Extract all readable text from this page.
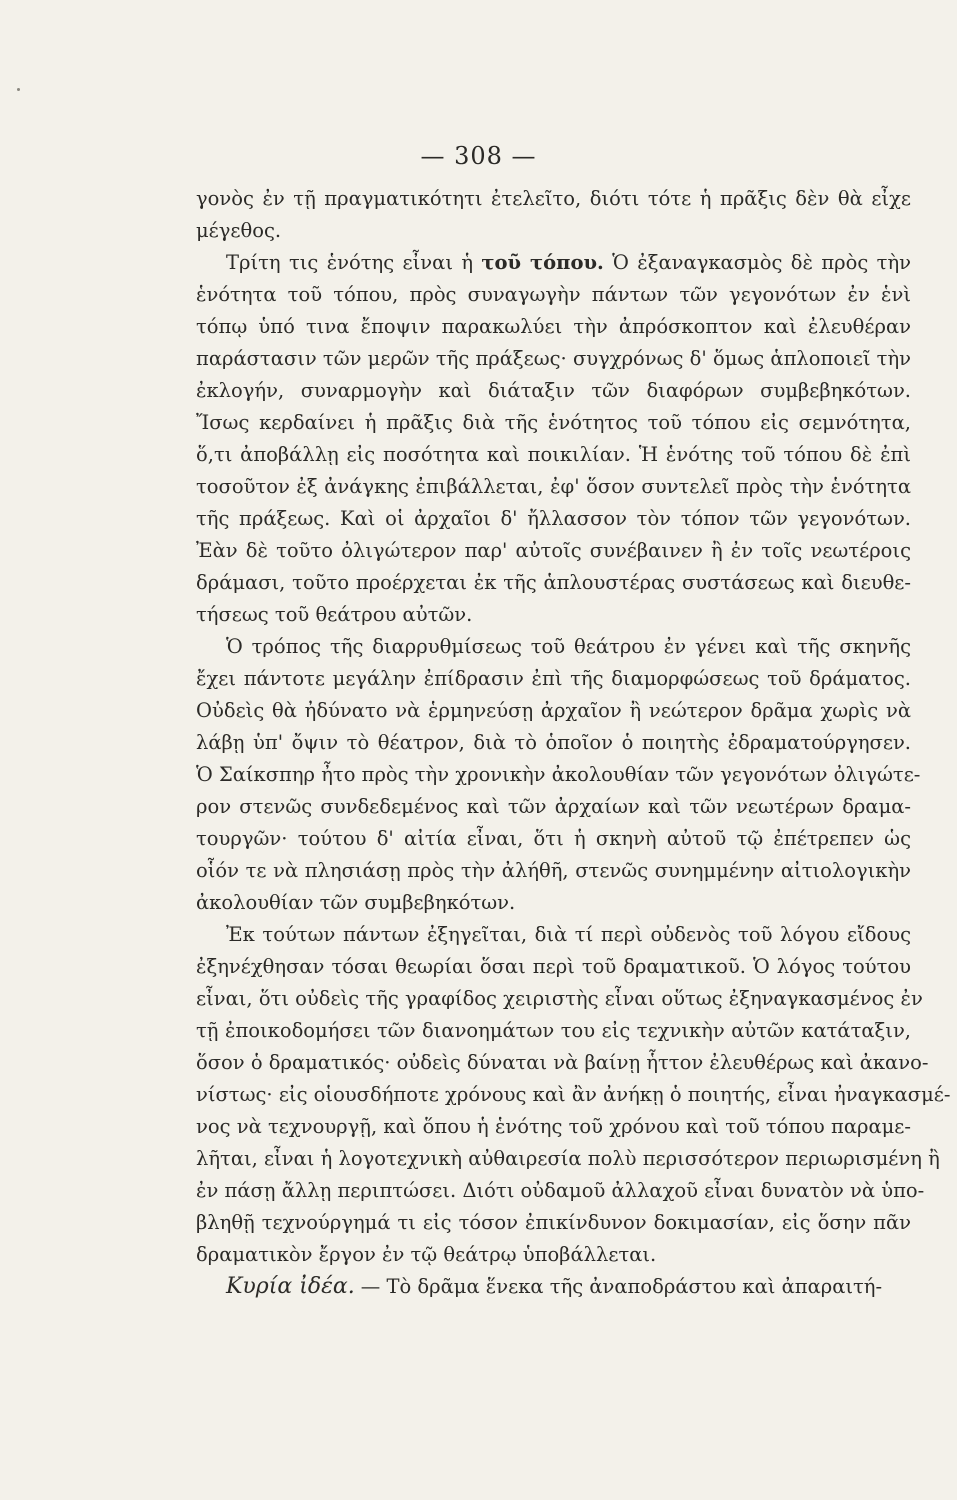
— 308 —
γονὸς ἐν τῇ πραγματικότητι ἐτελεῖτο, διότι τότε ἡ πρᾶξις δὲν θὰ εἶχε
μέγεθος.
Τρίτη τις ἑνότης εἶναι ἡ τοῦ τόπου. Ὁ ἐξαναγκασμὸς δὲ πρὸς τὴν
ἑνότητα τοῦ τόπου, πρὸς συναγωγὴν πάντων τῶν γεγονότων ἐν ἑνὶ
τόπῳ ὑπό τινα ἔποψιν παρακωλύει τὴν ἀπρόσκοπτον καὶ ἐλευθέραν
παράστασιν τῶν μερῶν τῆς πράξεως· συγχρόνως δ' ὅμως ἁπλοποιεῖ τὴν
ἐκλογήν, συναρμογὴν καὶ διάταξιν τῶν διαφόρων συμβεβηκότων.
Ἴσως κερδαίνει ἡ πρᾶξις διὰ τῆς ἑνότητος τοῦ τόπου εἰς σεμνότητα,
ὅ,τι ἀποβάλλῃ εἰς ποσότητα καὶ ποικιλίαν. Ἡ ἑνότης τοῦ τόπου δὲ ἐπὶ
τοσοῦτον ἐξ ἀνάγκης ἐπιβάλλεται, ἐφ' ὅσον συντελεῖ πρὸς τὴν ἑνότητα
τῆς πράξεως. Καὶ οἱ ἀρχαῖοι δ' ἤλλασσον τὸν τόπον τῶν γεγονότων.
Ἐὰν δὲ τοῦτο ὀλιγώτερον παρ' αὐτοῖς συνέβαινεν ἢ ἐν τοῖς νεωτέροις
δράμασι, τοῦτο προέρχεται ἐκ τῆς ἁπλουστέρας συστάσεως καὶ διευθε-
τήσεως τοῦ θεάτρου αὐτῶν.
Ὁ τρόπος τῆς διαρρυθμίσεως τοῦ θεάτρου ἐν γένει καὶ τῆς σκηνῆς
ἔχει πάντοτε μεγάλην ἐπίδρασιν ἐπὶ τῆς διαμορφώσεως τοῦ δράματος.
Οὐδεὶς θὰ ἠδύνατο νὰ ἑρμηνεύσῃ ἀρχαῖον ἢ νεώτερον δρᾶμα χωρὶς νὰ
λάβῃ ὑπ' ὄψιν τὸ θέατρον, διὰ τὸ ὁποῖον ὁ ποιητὴς ἐδραματούργησεν.
Ὁ Σαίκσπηρ ἦτο πρὸς τὴν χρονικὴν ἀκολουθίαν τῶν γεγονότων ὀλιγώτε-
ρον στενῶς συνδεδεμένος καὶ τῶν ἀρχαίων καὶ τῶν νεωτέρων δραμα-
τουργῶν· τούτου δ' αἰτία εἶναι, ὅτι ἡ σκηνὴ αὐτοῦ τῷ ἐπέτρεπεν ὡς
οἷόν τε νὰ πλησιάσῃ πρὸς τὴν ἀλήθῆ, στενῶς συνημμένην αἰτιολογικὴν
ἀκολουθίαν τῶν συμβεβηκότων.
Ἐκ τούτων πάντων ἐξηγεῖται, διὰ τί περὶ οὐδενὸς τοῦ λόγου εἴδους
ἐξηνέχθησαν τόσαι θεωρίαι ὅσαι περὶ τοῦ δραματικοῦ. Ὁ λόγος τούτου
εἶναι, ὅτι οὐδεὶς τῆς γραφίδος χειριστὴς εἶναι οὕτως ἐξηναγκασμένος ἐν
τῇ ἐποικοδομήσει τῶν διανοημάτων του εἰς τεχνικὴν αὐτῶν κατάταξιν,
ὅσον ὁ δραματικός· οὐδεὶς δύναται νὰ βαίνῃ ἧττον ἐλευθέρως καὶ ἀκανο-
νίστως· εἰς οἱουσδήποτε χρόνους καὶ ἂν ἀνήκῃ ὁ ποιητής, εἶναι ἠναγκασμέ-
νος νὰ τεχνουργῇ, καὶ ὅπου ἡ ἑνότης τοῦ χρόνου καὶ τοῦ τόπου παραμε-
λῆται, εἶναι ἡ λογοτεχνικὴ αὐθαιρεσία πολὺ περισσότερον περιωρισμένη ἢ
ἐν πάσῃ ἄλλῃ περιπτώσει. Διότι οὐδαμοῦ ἀλλαχοῦ εἶναι δυνατὸν νὰ ὑπο-
βληθῇ τεχνούργημά τι εἰς τόσον ἐπικίνδυνον δοκιμασίαν, εἰς ὅσην πᾶν
δραματικὸν ἔργον ἐν τῷ θεάτρῳ ὑποβάλλεται.
Κυρία ἰδέα. — Τὸ δρᾶμα ἕνεκα τῆς ἀναποδράστου καὶ ἀπαραιτή-
